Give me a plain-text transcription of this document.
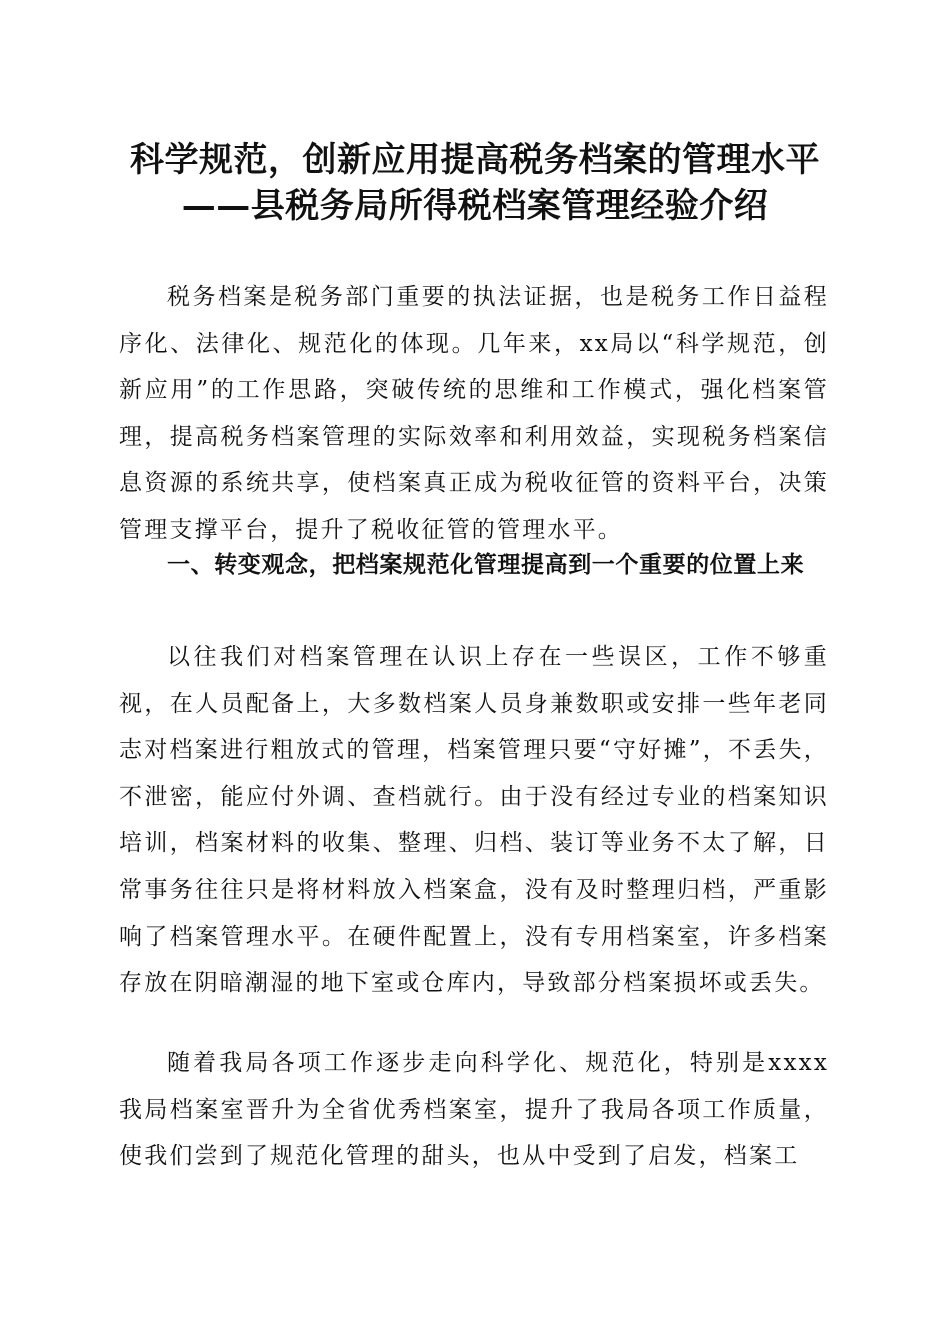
科学规范，创新应用提高税务档案的管理水平
——县税务局所得税档案管理经验介绍

税务档案是税务部门重要的执法证据，也是税务工作日益程序化、法律化、规范化的体现。几年来，xx局以“科学规范，创新应用”的工作思路，突破传统的思维和工作模式，强化档案管理，提高税务档案管理的实际效率和利用效益，实现税务档案信息资源的系统共享，使档案真正成为税收征管的资料平台，决策管理支撑平台，提升了税收征管的管理水平。

一、转变观念，把档案规范化管理提高到一个重要的位置上来

以往我们对档案管理在认识上存在一些误区，工作不够重视，在人员配备上，大多数档案人员身兼数职或安排一些年老同志对档案进行粗放式的管理，档案管理只要“守好摊”，不丢失，不泄密，能应付外调、查档就行。由于没有经过专业的档案知识培训，档案材料的收集、整理、归档、装订等业务不太了解，日常事务往往只是将材料放入档案盒，没有及时整理归档，严重影响了档案管理水平。在硬件配置上，没有专用档案室，许多档案存放在阴暗潮湿的地下室或仓库内，导致部分档案损坏或丢失。

随着我局各项工作逐步走向科学化、规范化，特别是xxxx我局档案室晋升为全省优秀档案室，提升了我局各项工作质量，使我们尝到了规范化管理的甜头，也从中受到了启发，档案工
